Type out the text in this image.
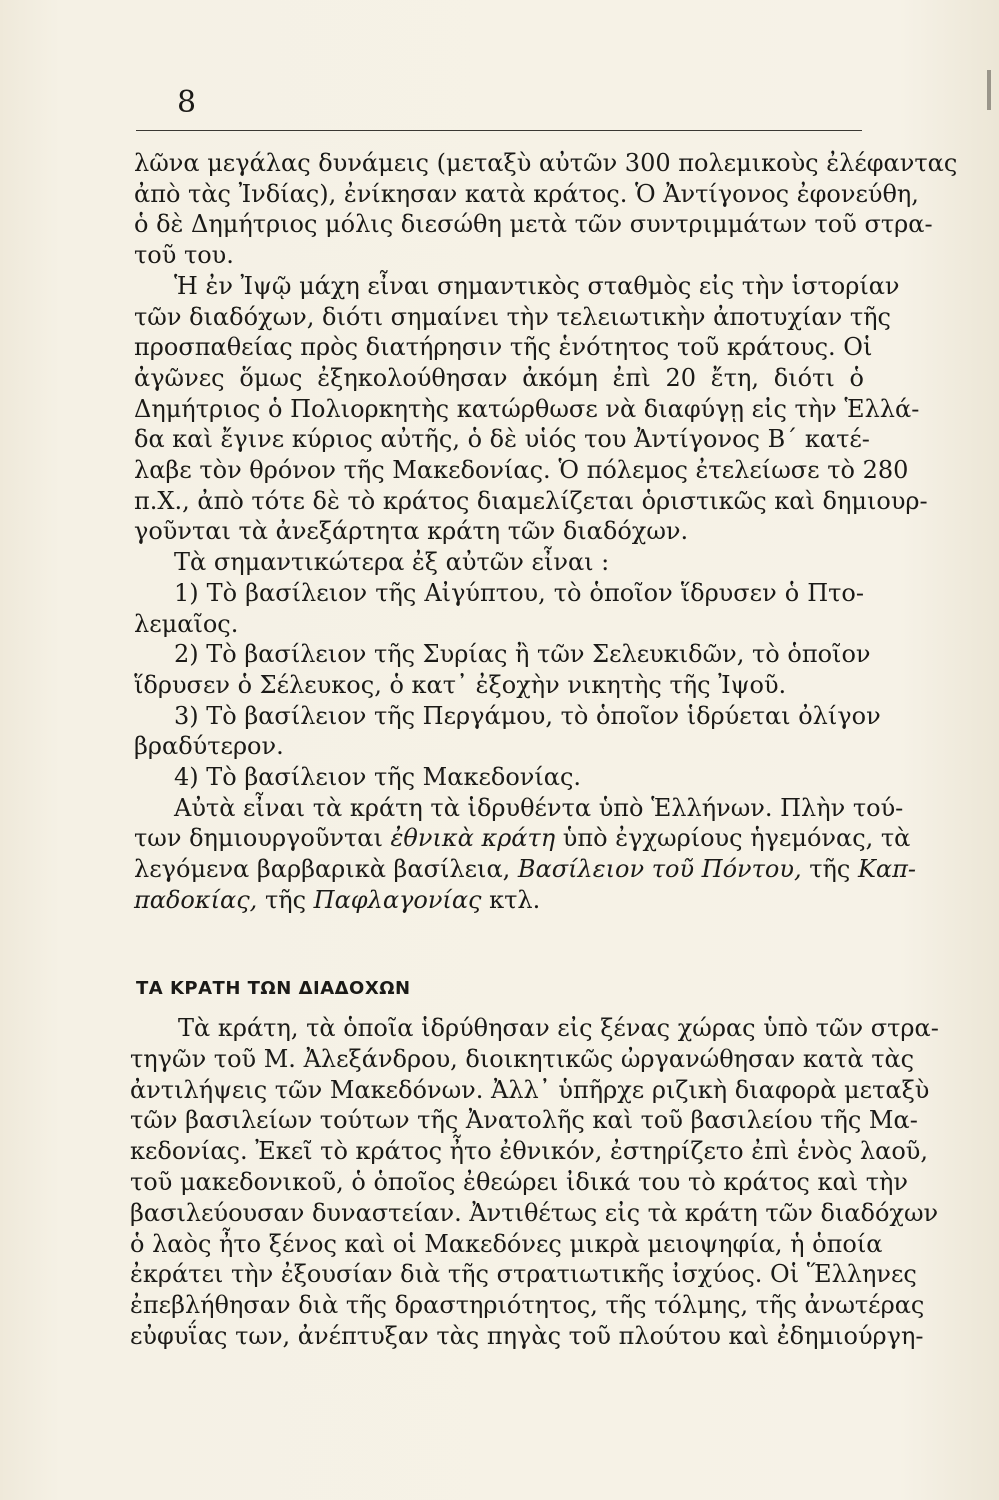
8
λῶνα μεγάλας δυνάμεις (μεταξὺ αὐτῶν 300 πολεμικοὺς ἐλέφαντας
ἀπὸ τὰς Ἰνδίας), ἐνίκησαν κατὰ κράτος. Ὁ Ἀντίγονος ἐφονεύθη,
ὁ δὲ Δημήτριος μόλις διεσώθη μετὰ τῶν συντριμμάτων τοῦ στρα-
τοῦ του.
Ἡ ἐν Ἰψῷ μάχη εἶναι σημαντικὸς σταθμὸς εἰς τὴν ἱστορίαν
τῶν διαδόχων, διότι σημαίνει τὴν τελειωτικὴν ἀποτυχίαν τῆς
προσπαθείας πρὸς διατήρησιν τῆς ἑνότητος τοῦ κράτους. Οἱ
ἀγῶνες ὅμως ἐξηκολούθησαν ἀκόμη ἐπὶ 20 ἔτη, διότι ὁ
Δημήτριος ὁ Πολιορκητὴς κατώρθωσε νὰ διαφύγῃ εἰς τὴν Ἑλλά-
δα καὶ ἔγινε κύριος αὐτῆς, ὁ δὲ υἱός του Ἀντίγονος Β΄ κατέ-
λαβε τὸν θρόνον τῆς Μακεδονίας. Ὁ πόλεμος ἐτελείωσε τὸ 280
π.Χ., ἀπὸ τότε δὲ τὸ κράτος διαμελίζεται ὁριστικῶς καὶ δημιουρ-
γοῦνται τὰ ἀνεξάρτητα κράτη τῶν διαδόχων.
Τὰ σημαντικώτερα ἐξ αὐτῶν εἶναι :
1) Τὸ βασίλειον τῆς Αἰγύπτου, τὸ ὁποῖον ἵδρυσεν ὁ Πτο-
λεμαῖος.
2) Τὸ βασίλειον τῆς Συρίας ἢ τῶν Σελευκιδῶν, τὸ ὁποῖον
ἵδρυσεν ὁ Σέλευκος, ὁ κατ᾽ ἐξοχὴν νικητὴς τῆς Ἰψοῦ.
3) Τὸ βασίλειον τῆς Περγάμου, τὸ ὁποῖον ἱδρύεται ὀλίγον
βραδύτερον.
4) Τὸ βασίλειον τῆς Μακεδονίας.
Αὐτὰ εἶναι τὰ κράτη τὰ ἱδρυθέντα ὑπὸ Ἑλλήνων. Πλὴν τού-
των δημιουργοῦνται ἐθνικὰ κράτη ὑπὸ ἐγχωρίους ἡγεμόνας, τὰ
λεγόμενα βαρβαρικὰ βασίλεια, Βασίλειον τοῦ Πόντου, τῆς Καπ-
παδοκίας, τῆς Παφλαγονίας κτλ.
ΤΑ ΚΡΑΤΗ ΤΩΝ ΔΙΑΔΟΧΩΝ
Τὰ κράτη, τὰ ὁποῖα ἱδρύθησαν εἰς ξένας χώρας ὑπὸ τῶν στρα-
τηγῶν τοῦ Μ. Ἀλεξάνδρου, διοικητικῶς ὠργανώθησαν κατὰ τὰς
ἀντιλήψεις τῶν Μακεδόνων. Ἀλλ᾽ ὑπῆρχε ριζικὴ διαφορὰ μεταξὺ
τῶν βασιλείων τούτων τῆς Ἀνατολῆς καὶ τοῦ βασιλείου τῆς Μα-
κεδονίας. Ἐκεῖ τὸ κράτος ἦτο ἐθνικόν, ἐστηρίζετο ἐπὶ ἑνὸς λαοῦ,
τοῦ μακεδονικοῦ, ὁ ὁποῖος ἐθεώρει ἰδικά του τὸ κράτος καὶ τὴν
βασιλεύουσαν δυναστείαν. Ἀντιθέτως εἰς τὰ κράτη τῶν διαδόχων
ὁ λαὸς ἦτο ξένος καὶ οἱ Μακεδόνες μικρὰ μειοψηφία, ἡ ὁποία
ἐκράτει τὴν ἐξουσίαν διὰ τῆς στρατιωτικῆς ἰσχύος. Οἱ Ἕλληνες
ἐπεβλήθησαν διὰ τῆς δραστηριότητος, τῆς τόλμης, τῆς ἀνωτέρας
εὐφυΐας των, ἀνέπτυξαν τὰς πηγὰς τοῦ πλούτου καὶ ἐδημιούργη-
